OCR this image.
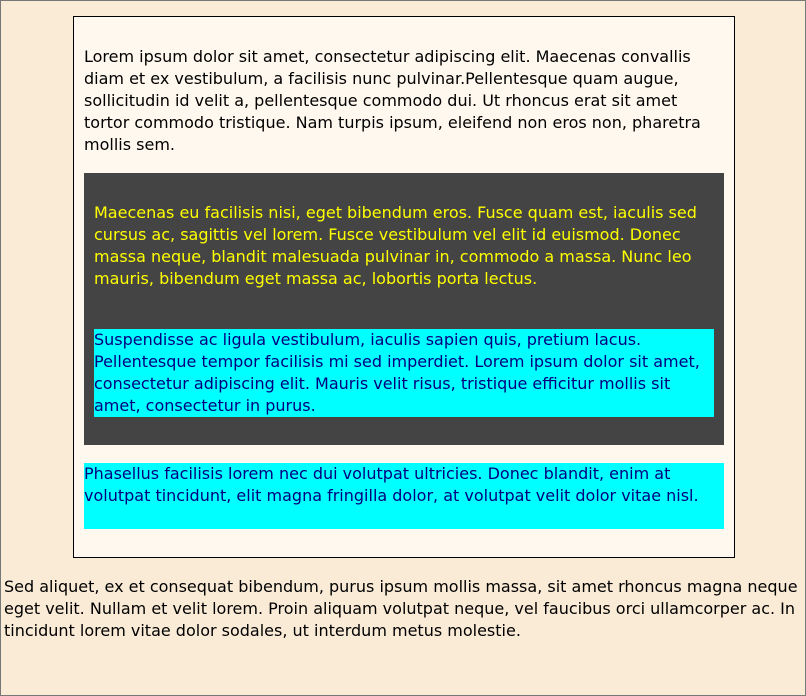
Lorem ipsum dolor sit amet, consectetur adipiscing elit. Maecenas convallis diam et ex vestibulum, a facilisis nunc pulvinar.Pellentesque quam augue, sollicitudin id velit a, pellentesque commodo dui. Ut rhoncus erat sit amet tortor commodo tristique. Nam turpis ipsum, eleifend non eros non, pharetra mollis sem.

Maecenas eu facilisis nisi, eget bibendum eros. Fusce quam est, iaculis sed cursus ac, sagittis vel lorem. Fusce vestibulum vel elit id euismod. Donec massa neque, blandit malesuada pulvinar in, commodo a massa. Nunc leo mauris, bibendum eget massa ac, lobortis porta lectus.

Suspendisse ac ligula vestibulum, iaculis sapien quis, pretium lacus. Pellentesque tempor facilisis mi sed imperdiet. Lorem ipsum dolor sit amet, consectetur adipiscing elit. Mauris velit risus, tristique efficitur mollis sit amet, consectetur in purus.

Phasellus facilisis lorem nec dui volutpat ultricies. Donec blandit, enim at volutpat tincidunt, elit magna fringilla dolor, at volutpat velit dolor vitae nisl.

Sed aliquet, ex et consequat bibendum, purus ipsum mollis massa, sit amet rhoncus magna neque eget velit. Nullam et velit lorem. Proin aliquam volutpat neque, vel faucibus orci ullamcorper ac. In tincidunt lorem vitae dolor sodales, ut interdum metus molestie.
